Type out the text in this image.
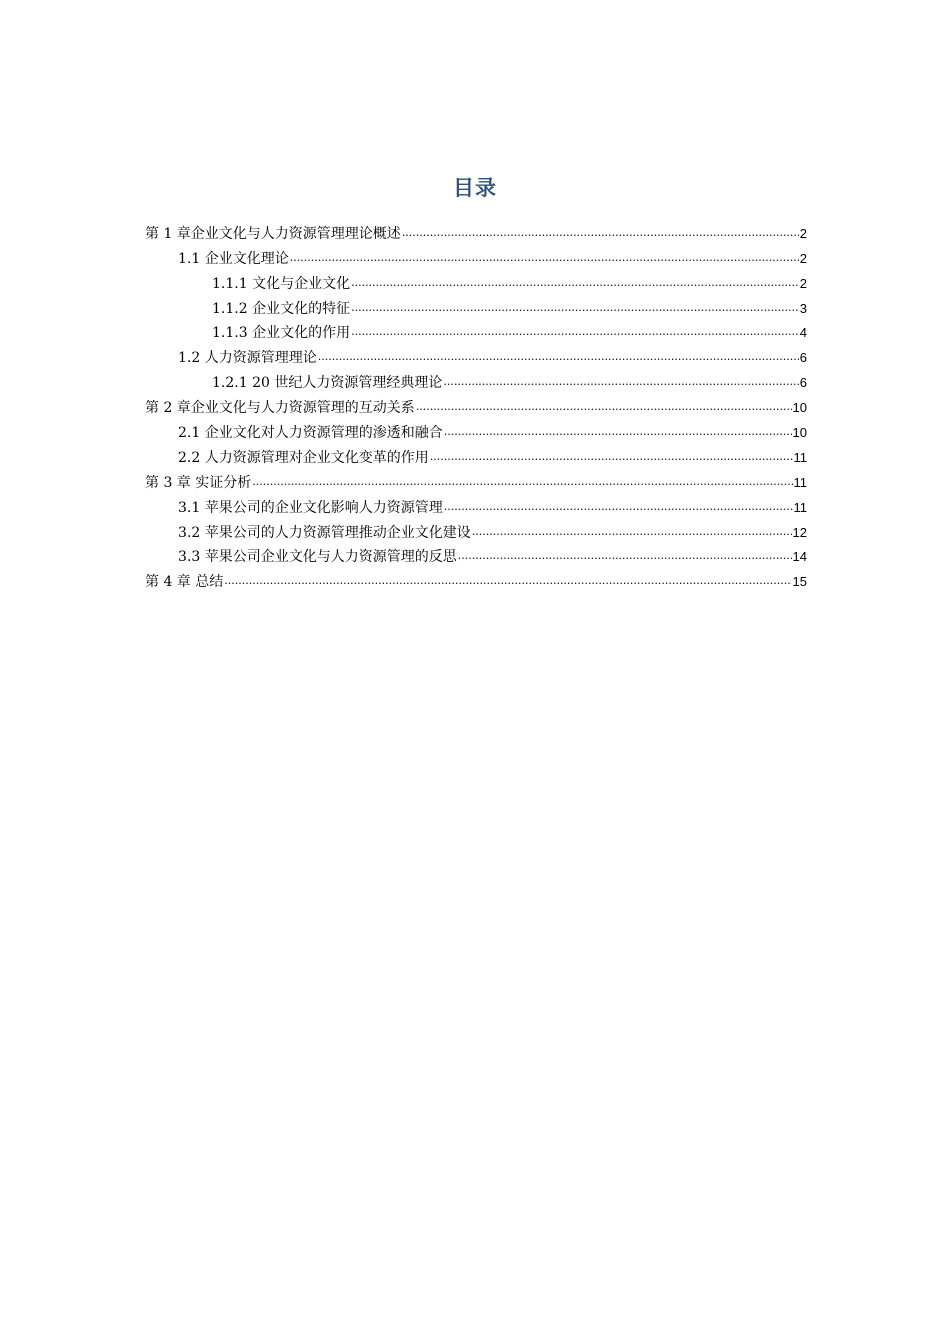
目录
第 1 章企业文化与人力资源管理理论概述 .....	2
1.1 企业文化理论 .....	2
1.1.1 文化与企业文化 .....	2
1.1.2 企业文化的特征 .....	3
1.1.3 企业文化的作用 .....	4
1.2 人力资源管理理论 .....	6
1.2.1 20 世纪人力资源管理经典理论 .....	6
第 2 章企业文化与人力资源管理的互动关系 .....	10
2.1 企业文化对人力资源管理的渗透和融合 .....	10
2.2 人力资源管理对企业文化变革的作用 .....	11
第 3 章 实证分析 .....	11
3.1 苹果公司的企业文化影响人力资源管理 .....	11
3.2 苹果公司的人力资源管理推动企业文化建设 .....	12
3.3 苹果公司企业文化与人力资源管理的反思 .....	14
第 4 章 总结 .....	15
